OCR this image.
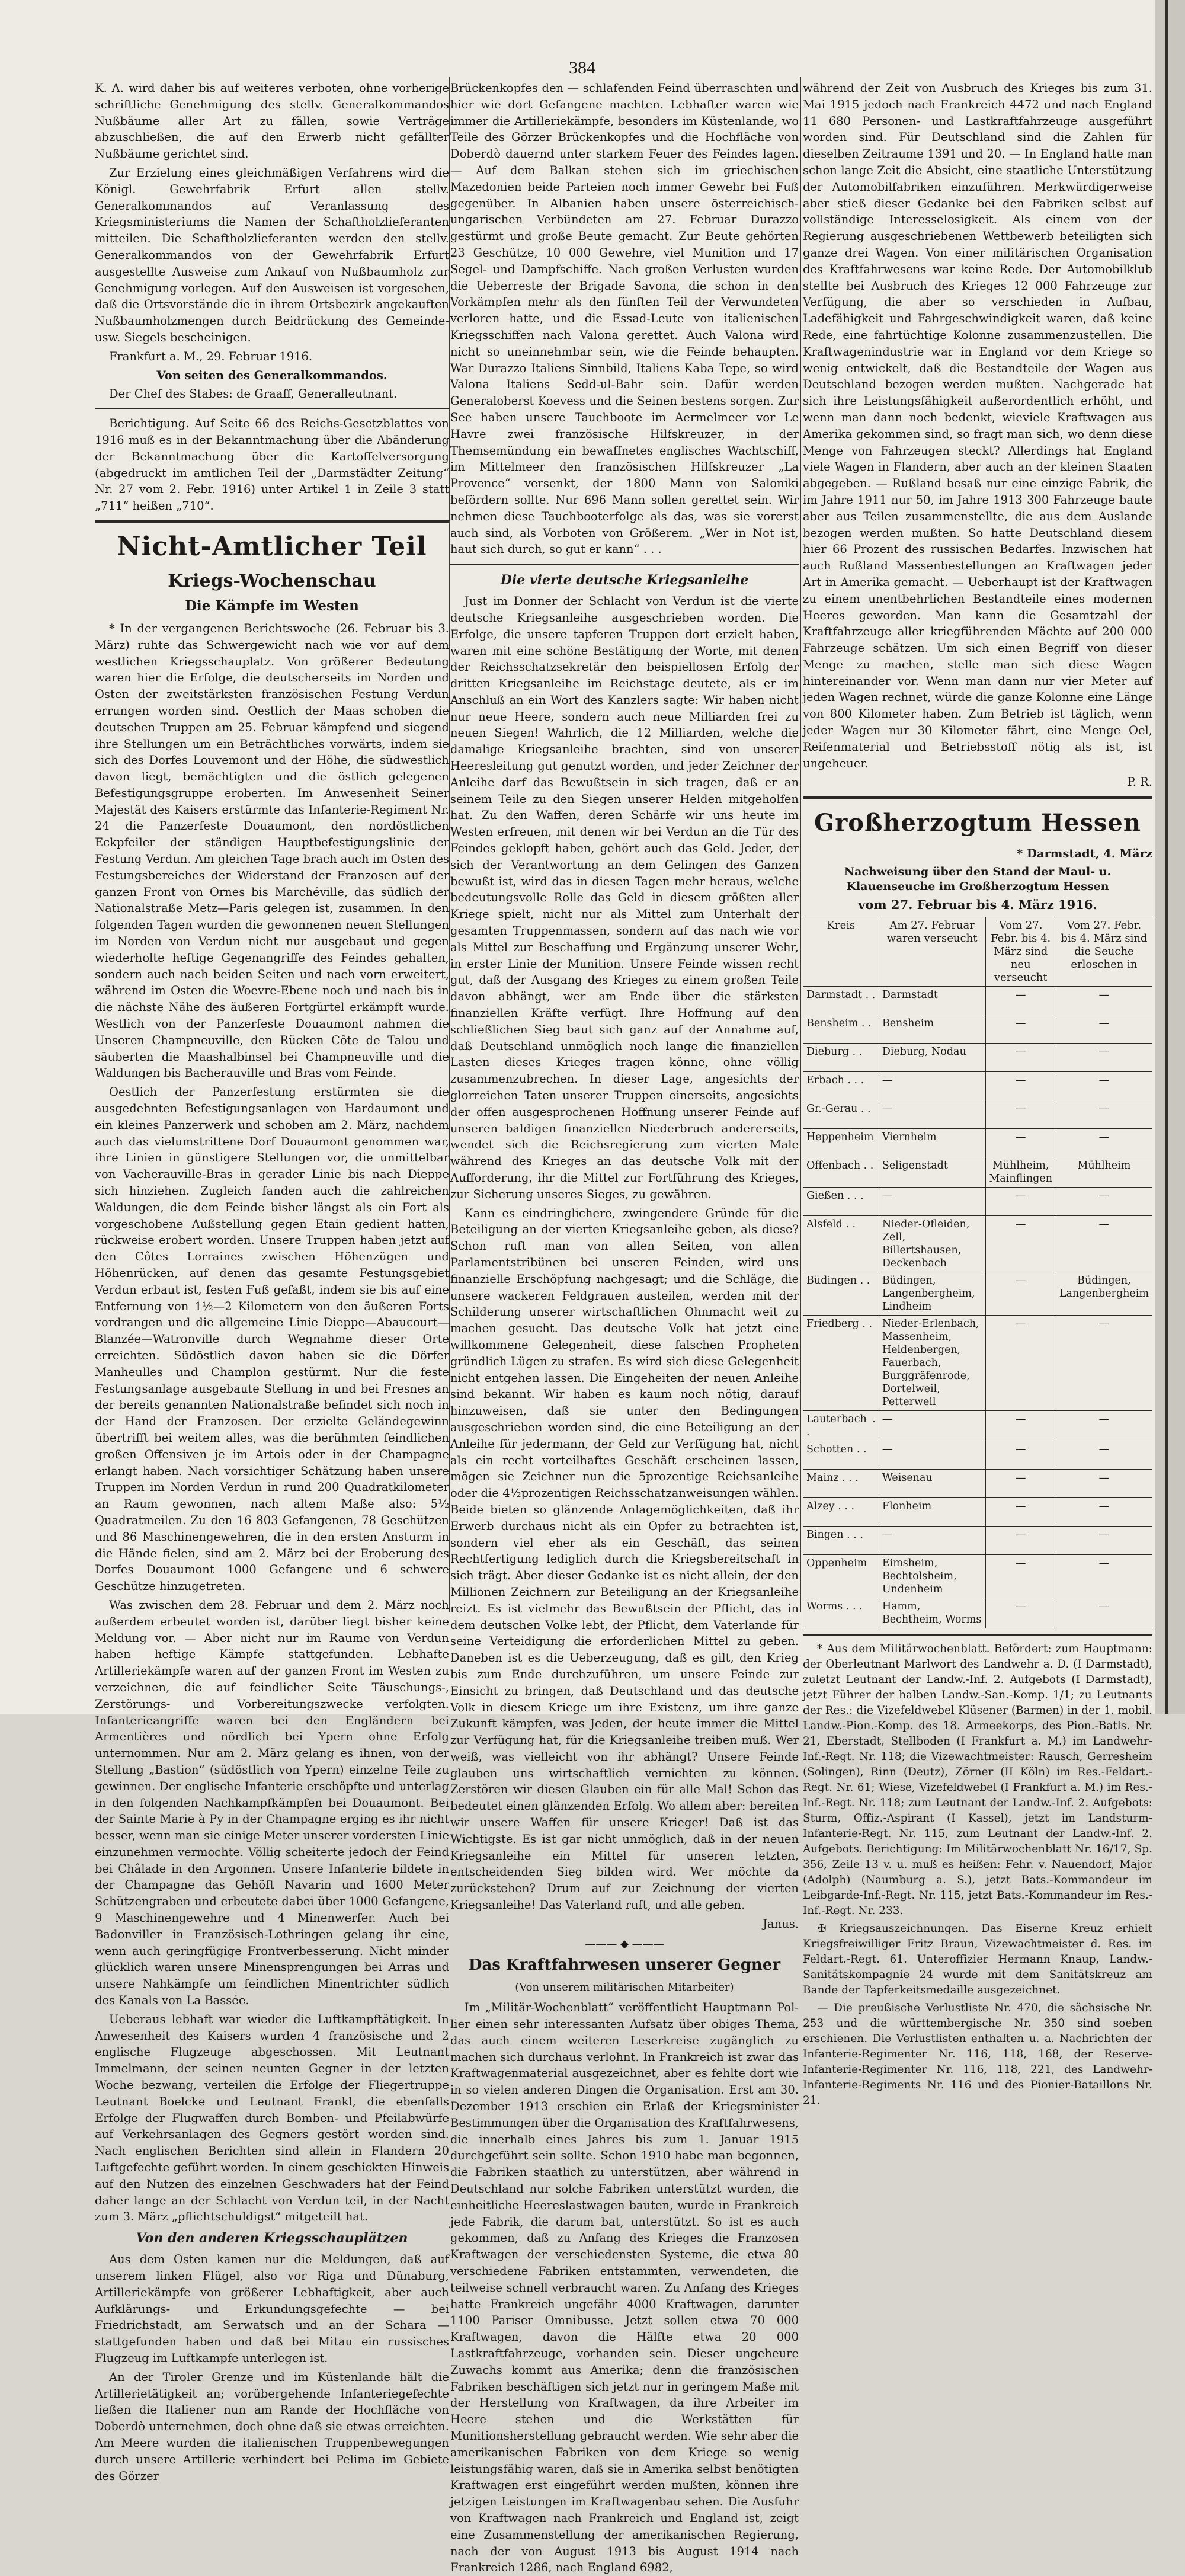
384

K. A. wird daher bis auf weiteres verboten, ohne vorherige schriftliche Genehmigung des stellv. Generalkommandos Nußbäume aller Art zu fällen, sowie Verträge abzuschließen, die auf den Erwerb nicht gefällter Nußbäume gerichtet sind.

Zur Erzielung eines gleichmäßigen Verfahrens wird die Königl. Gewehrfabrik Erfurt allen stellv. Generalkommandos auf Veranlassung des Kriegsministeriums die Namen der Schaftholzlieferanten mitteilen. Die Schaftholzlieferanten werden den stellv. Generalkommandos von der Gewehrfabrik Erfurt ausgestellte Ausweise zum Ankauf von Nußbaumholz zur Genehmigung vorlegen. Auf den Ausweisen ist vorgesehen, daß die Ortsvorstände die in ihrem Ortsbezirk angekauften Nußbaumholzmengen durch Beidrückung des Gemeinde- usw. Siegels bescheinigen.

Frankfurt a. M., 29. Februar 1916.

Von seiten des Generalkommandos.

Der Chef des Stabes: de Graaff, Generalleutnant.

Berichtigung. Auf Seite 66 des Reichs-Gesetzblattes von 1916 muß es in der Bekanntmachung über die Abänderung der Bekanntmachung über die Kartoffelversorgung (abgedruckt im amtlichen Teil der „Darmstädter Zeitung“ Nr. 27 vom 2. Febr. 1916) unter Artikel 1 in Zeile 3 statt „711“ heißen „710“.

Nicht-Amtlicher Teil
Kriegs-Wochenschau
Die Kämpfe im Westen

* In der vergangenen Berichtswoche (26. Februar bis 3. März) ruhte das Schwergewicht nach wie vor auf dem westlichen Kriegsschauplatz. Von größerer Bedeutung waren hier die Erfolge, die deutscherseits im Norden und Osten der zweitstärksten französischen Festung Verdun errungen worden sind. Oestlich der Maas schoben die deutschen Truppen am 25. Februar kämpfend und siegend ihre Stellungen um ein Beträchtliches vorwärts, indem sie sich des Dorfes Louvemont und der Höhe, die südwestlich davon liegt, bemächtigten und die östlich gelegenen Befestigungsgruppe eroberten. Im Anwesenheit Seiner Majestät des Kaisers erstürmte das Infanterie-Regiment Nr. 24 die Panzerfeste Douaumont, den nordöstlichen Eckpfeiler der ständigen Hauptbefestigungslinie der Festung Verdun. Am gleichen Tage brach auch im Osten des Festungsbereiches der Widerstand der Franzosen auf der ganzen Front von Ornes bis Marchéville, das südlich der Nationalstraße Metz—Paris gelegen ist, zusammen. In den folgenden Tagen wurden die gewonnenen neuen Stellungen im Norden von Verdun nicht nur ausgebaut und gegen wiederholte heftige Gegenangriffe des Feindes gehalten, sondern auch nach beiden Seiten und nach vorn erweitert, während im Osten die Woevre-Ebene noch und nach bis in die nächste Nähe des äußeren Fortgürtel erkämpft wurde. Westlich von der Panzerfeste Douaumont nahmen die Unseren Champneuville, den Rücken Côte de Talou und säuberten die Maashalbinsel bei Champneuville und die Waldungen bis Bacherauville und Bras vom Feinde.

Oestlich der Panzerfestung erstürmten sie die ausgedehnten Befestigungsanlagen von Hardaumont und ein kleines Panzerwerk und schoben am 2. März, nachdem auch das vielumstrittene Dorf Douaumont genommen war, ihre Linien in günstigere Stellungen vor, die unmittelbar von Vacherauville-Bras in gerader Linie bis nach Dieppe sich hinziehen. Zugleich fanden auch die zahlreichen Waldungen, die dem Feinde bisher längst als ein Fort als vorgeschobene Außstellung gegen Etain gedient hatten, rückweise erobert worden. Unsere Truppen haben jetzt auf den Côtes Lorraines zwischen Höhenzügen und Höhenrücken, auf denen das gesamte Festungsgebiet Verdun erbaut ist, festen Fuß gefaßt, indem sie bis auf eine Entfernung von 1½—2 Kilometern von den äußeren Forts vordrangen und die allgemeine Linie Dieppe—Abaucourt—Blanzée—Watronville durch Wegnahme dieser Orte erreichten. Südöstlich davon haben sie die Dörfer Manheulles und Champlon gestürmt. Nur die feste Festungsanlage ausgebaute Stellung in und bei Fresnes an der bereits genannten Nationalstraße befindet sich noch in der Hand der Franzosen. Der erzielte Geländegewinn übertrifft bei weitem alles, was die berühmten feindlichen großen Offensiven je im Artois oder in der Champagne erlangt haben. Nach vorsichtiger Schätzung haben unsere Truppen im Norden Verdun in rund 200 Quadratkilometer an Raum gewonnen, nach altem Maße also: 5½ Quadratmeilen. Zu den 16 803 Gefangenen, 78 Geschützen und 86 Maschinengewehren, die in den ersten Ansturm in die Hände fielen, sind am 2. März bei der Eroberung des Dorfes Douaumont 1000 Gefangene und 6 schwere Geschütze hinzugetreten.

Was zwischen dem 28. Februar und dem 2. März noch außerdem erbeutet worden ist, darüber liegt bisher keine Meldung vor. — Aber nicht nur im Raume von Verdun haben heftige Kämpfe stattgefunden. Lebhafte Artilleriekämpfe waren auf der ganzen Front im Westen zu verzeichnen, die auf feindlicher Seite Täuschungs-, Zerstörungs- und Vorbereitungszwecke verfolgten. Infanterieangriffe waren bei den Engländern bei Armentières und nördlich bei Ypern ohne Erfolg unternommen. Nur am 2. März gelang es ihnen, von der Stellung „Bastion“ (südöstlich von Ypern) einzelne Teile zu gewinnen. Der englische Infanterie erschöpfte und unterlag in den folgenden Nachkampfkämpfen bei Douaumont. Bei der Sainte Marie à Py in der Champagne erging es ihr nicht besser, wenn man sie einige Meter unserer vordersten Linie einzunehmen vermochte. Völlig scheiterte jedoch der Feind bei Châlade in den Argonnen. Unsere Infanterie bildete in der Champagne das Gehöft Navarin und 1600 Meter Schützengraben und erbeutete dabei über 1000 Gefangene, 9 Maschinengewehre und 4 Minenwerfer. Auch bei Badonviller in Französisch-Lothringen gelang ihr eine, wenn auch geringfügige Frontverbesserung. Nicht minder glücklich waren unsere Minensprengungen bei Arras und unsere Nahkämpfe um feindlichen Minentrichter südlich des Kanals von La Bassée.

Ueberaus lebhaft war wieder die Luftkampftätigkeit. In Anwesenheit des Kaisers wurden 4 französische und 2 englische Flugzeuge abgeschossen. Mit Leutnant Immelmann, der seinen neunten Gegner in der letzten Woche bezwang, verteilen die Erfolge der Fliegertruppe Leutnant Boelcke und Leutnant Frankl, die ebenfalls Erfolge der Flugwaffen durch Bomben- und Pfeilabwürfe auf Verkehrsanlagen des Gegners gestört worden sind. Nach englischen Berichten sind allein in Flandern 20 Luftgefechte geführt worden. In einem geschickten Hinweis auf den Nutzen des einzelnen Geschwaders hat der Feind daher lange an der Schlacht von Verdun teil, in der Nacht zum 3. März „pflichtschuldigst“ mitgeteilt hat.

Von den anderen Kriegsschauplätzen

Aus dem Osten kamen nur die Meldungen, daß auf unserem linken Flügel, also vor Riga und Dünaburg, Artilleriekämpfe von größerer Lebhaftigkeit, aber auch Aufklärungs- und Erkundungsgefechte — bei Friedrichstadt, am Serwatsch und an der Schara — stattgefunden haben und daß bei Mitau ein russisches Flugzeug im Luftkampfe unterlegen ist.

An der Tiroler Grenze und im Küstenlande hält die Artillerietätigkeit an; vorübergehende Infanteriegefechte ließen die Italiener nun am Rande der Hochfläche von Doberdò unternehmen, doch ohne daß sie etwas erreichten. Am Meere wurden die italienischen Truppenbewegungen durch unsere Artillerie verhindert bei Pelima im Gebiete des Görzer

Brückenkopfes den — schlafenden Feind überraschten und hier wie dort Gefangene machten. Lebhafter waren wie immer die Artilleriekämpfe, besonders im Küstenlande, wo Teile des Görzer Brückenkopfes und die Hochfläche von Doberdò dauernd unter starkem Feuer des Feindes lagen. — Auf dem Balkan stehen sich im griechischen Mazedonien beide Parteien noch immer Gewehr bei Fuß gegenüber. In Albanien haben unsere österreichisch-ungarischen Verbündeten am 27. Februar Durazzo gestürmt und große Beute gemacht. Zur Beute gehörten 23 Geschütze, 10 000 Gewehre, viel Munition und 17 Segel- und Dampfschiffe. Nach großen Verlusten wurden die Ueberreste der Brigade Savona, die schon in den Vorkämpfen mehr als den fünften Teil der Verwundeten verloren hatte, und die Essad-Leute von italienischen Kriegsschiffen nach Valona gerettet. Auch Valona wird nicht so uneinnehmbar sein, wie die Feinde behaupten. War Durazzo Italiens Sinnbild, Italiens Kaba Tepe, so wird Valona Italiens Sedd-ul-Bahr sein. Dafür werden Generaloberst Koevess und die Seinen bestens sorgen. Zur See haben unsere Tauchboote im Aermelmeer vor Le Havre zwei französische Hilfskreuzer, in der Themsemündung ein bewaffnetes englisches Wachtschiff, im Mittelmeer den französischen Hilfskreuzer „La Provence“ versenkt, der 1800 Mann von Saloniki befördern sollte. Nur 696 Mann sollen gerettet sein. Wir nehmen diese Tauchbooterfolge als das, was sie vorerst auch sind, als Vorboten von Größerem. „Wer in Not ist, haut sich durch, so gut er kann“ . . .

Die vierte deutsche Kriegsanleihe

Just im Donner der Schlacht von Verdun ist die vierte deutsche Kriegsanleihe ausgeschrieben worden. Die Erfolge, die unsere tapferen Truppen dort erzielt haben, waren mit eine schöne Bestätigung der Worte, mit denen der Reichsschatzsekretär den beispiellosen Erfolg der dritten Kriegsanleihe im Reichstage deutete, als er im Anschluß an ein Wort des Kanzlers sagte: Wir haben nicht nur neue Heere, sondern auch neue Milliarden frei zu neuen Siegen! Wahrlich, die 12 Milliarden, welche die damalige Kriegsanleihe brachten, sind von unserer Heeresleitung gut genutzt worden, und jeder Zeichner der Anleihe darf das Bewußtsein in sich tragen, daß er an seinem Teile zu den Siegen unserer Helden mitgeholfen hat. Zu den Waffen, deren Schärfe wir uns heute im Westen erfreuen, mit denen wir bei Verdun an die Tür des Feindes geklopft haben, gehört auch das Geld. Jeder, der sich der Verantwortung an dem Gelingen des Ganzen bewußt ist, wird das in diesen Tagen mehr heraus, welche bedeutungsvolle Rolle das Geld in diesem größten aller Kriege spielt, nicht nur als Mittel zum Unterhalt der gesamten Truppenmassen, sondern auf das nach wie vor als Mittel zur Beschaffung und Ergänzung unserer Wehr, in erster Linie der Munition. Unsere Feinde wissen recht gut, daß der Ausgang des Krieges zu einem großen Teile davon abhängt, wer am Ende über die stärksten finanziellen Kräfte verfügt. Ihre Hoffnung auf den schließlichen Sieg baut sich ganz auf der Annahme auf, daß Deutschland unmöglich noch lange die finanziellen Lasten dieses Krieges tragen könne, ohne völlig zusammenzubrechen. In dieser Lage, angesichts der glorreichen Taten unserer Truppen einerseits, angesichts der offen ausgesprochenen Hoffnung unserer Feinde auf unseren baldigen finanziellen Niederbruch andererseits, wendet sich die Reichsregierung zum vierten Male während des Krieges an das deutsche Volk mit der Aufforderung, ihr die Mittel zur Fortführung des Krieges, zur Sicherung unseres Sieges, zu gewähren.

Kann es eindringlichere, zwingendere Gründe für die Beteiligung an der vierten Kriegsanleihe geben, als diese? Schon ruft man von allen Seiten, von allen Parlamentstribünen bei unseren Feinden, wird uns finanzielle Erschöpfung nachgesagt; und die Schläge, die unsere wackeren Feldgrauen austeilen, werden mit der Schilderung unserer wirtschaftlichen Ohnmacht weit zu machen gesucht. Das deutsche Volk hat jetzt eine willkommene Gelegenheit, diese falschen Propheten gründlich Lügen zu strafen. Es wird sich diese Gelegenheit nicht entgehen lassen. Die Eingeheiten der neuen Anleihe sind bekannt. Wir haben es kaum noch nötig, darauf hinzuweisen, daß sie unter den Bedingungen ausgeschrieben worden sind, die eine Beteiligung an der Anleihe für jedermann, der Geld zur Verfügung hat, nicht als ein recht vorteilhaftes Geschäft erscheinen lassen, mögen sie Zeichner nun die 5prozentige Reichsanleihe oder die 4½prozentigen Reichsschatzanweisungen wählen. Beide bieten so glänzende Anlagemöglichkeiten, daß ihr Erwerb durchaus nicht als ein Opfer zu betrachten ist, sondern viel eher als ein Geschäft, das seinen Rechtfertigung lediglich durch die Kriegsbereitschaft in sich trägt. Aber dieser Gedanke ist es nicht allein, der den Millionen Zeichnern zur Beteiligung an der Kriegsanleihe reizt. Es ist vielmehr das Bewußtsein der Pflicht, das in dem deutschen Volke lebt, der Pflicht, dem Vaterlande für seine Verteidigung die erforderlichen Mittel zu geben. Daneben ist es die Ueberzeugung, daß es gilt, den Krieg bis zum Ende durchzuführen, um unsere Feinde zur Einsicht zu bringen, daß Deutschland und das deutsche Volk in diesem Kriege um ihre Existenz, um ihre ganze Zukunft kämpfen, was Jeden, der heute immer die Mittel zur Verfügung hat, für die Kriegsanleihe treiben muß. Wer weiß, was vielleicht von ihr abhängt? Unsere Feinde glauben uns wirtschaftlich vernichten zu können. Zerstören wir diesen Glauben ein für alle Mal! Schon das bedeutet einen glänzenden Erfolg. Wo allem aber: bereiten wir unsere Waffen für unsere Krieger! Daß ist das Wichtigste. Es ist gar nicht unmöglich, daß in der neuen Kriegsanleihe ein Mittel für unseren letzten, entscheidenden Sieg bilden wird. Wer möchte da zurückstehen? Drum auf zur Zeichnung der vierten Kriegsanleihe! Das Vaterland ruft, und alle geben.

Janus.

——— ◆ ———
Das Kraftfahrwesen unserer Gegner
(Von unserem militärischen Mitarbeiter)

Im „Militär-Wochenblatt“ veröffentlicht Hauptmann Pol-lier einen sehr interessanten Aufsatz über obiges Thema, das auch einem weiteren Leserkreise zugänglich zu machen sich durchaus verlohnt. In Frankreich ist zwar das Kraftwagenmaterial ausgezeichnet, aber es fehlte dort wie in so vielen anderen Dingen die Organisation. Erst am 30. Dezember 1913 erschien ein Erlaß der Kriegsminister Bestimmungen über die Organisation des Kraftfahrwesens, die innerhalb eines Jahres bis zum 1. Januar 1915 durchgeführt sein sollte. Schon 1910 habe man begonnen, die Fabriken staatlich zu unterstützen, aber während in Deutschland nur solche Fabriken unterstützt wurden, die einheitliche Heereslastwagen bauten, wurde in Frankreich jede Fabrik, die darum bat, unterstützt. So ist es auch gekommen, daß zu Anfang des Krieges die Franzosen Kraftwagen der verschiedensten Systeme, die etwa 80 verschiedene Fabriken entstammten, verwendeten, die teilweise schnell verbraucht waren. Zu Anfang des Krieges hatte Frankreich ungefähr 4000 Kraftwagen, darunter 1100 Pariser Omnibusse. Jetzt sollen etwa 70 000 Kraftwagen, davon die Hälfte etwa 20 000 Lastkraftfahrzeuge, vorhanden sein. Dieser ungeheure Zuwachs kommt aus Amerika; denn die französischen Fabriken beschäftigen sich jetzt nur in geringem Maße mit der Herstellung von Kraftwagen, da ihre Arbeiter im Heere stehen und die Werkstätten für Munitionsherstellung gebraucht werden. Wie sehr aber die amerikanischen Fabriken von dem Kriege so wenig leistungsfähig waren, daß sie in Amerika selbst benötigten Kraftwagen erst eingeführt werden mußten, können ihre jetzigen Leistungen im Kraftwagenbau sehen. Die Ausfuhr von Kraftwagen nach Frankreich und England ist, zeigt eine Zusammenstellung der amerikanischen Regierung, nach der von August 1913 bis August 1914 nach Frankreich 1286, nach England 6982,

während der Zeit von Ausbruch des Krieges bis zum 31. Mai 1915 jedoch nach Frankreich 4472 und nach England 11 680 Personen- und Lastkraftfahrzeuge ausgeführt worden sind. Für Deutschland sind die Zahlen für dieselben Zeitraume 1391 und 20. — In England hatte man schon lange Zeit die Absicht, eine staatliche Unterstützung der Automobilfabriken einzuführen. Merkwürdigerweise aber stieß dieser Gedanke bei den Fabriken selbst auf vollständige Interesselosigkeit. Als einem von der Regierung ausgeschriebenen Wettbewerb beteiligten sich ganze drei Wagen. Von einer militärischen Organisation des Kraftfahrwesens war keine Rede. Der Automobilklub stellte bei Ausbruch des Krieges 12 000 Fahrzeuge zur Verfügung, die aber so verschieden in Aufbau, Ladefähigkeit und Fahrgeschwindigkeit waren, daß keine Rede, eine fahrtüchtige Kolonne zusammenzustellen. Die Kraftwagenindustrie war in England vor dem Kriege so wenig entwickelt, daß die Bestandteile der Wagen aus Deutschland bezogen werden mußten. Nachgerade hat sich ihre Leistungsfähigkeit außerordentlich erhöht, und wenn man dann noch bedenkt, wieviele Kraftwagen aus Amerika gekommen sind, so fragt man sich, wo denn diese Menge von Fahrzeugen steckt? Allerdings hat England viele Wagen in Flandern, aber auch an der kleinen Staaten abgegeben. — Rußland besaß nur eine einzige Fabrik, die im Jahre 1911 nur 50, im Jahre 1913 300 Fahrzeuge baute aber aus Teilen zusammenstellte, die aus dem Auslande bezogen werden mußten. So hatte Deutschland diesem hier 66 Prozent des russischen Bedarfes. Inzwischen hat auch Rußland Massenbestellungen an Kraftwagen jeder Art in Amerika gemacht. — Ueberhaupt ist der Kraftwagen zu einem unentbehrlichen Bestandteile eines modernen Heeres geworden. Man kann die Gesamtzahl der Kraftfahrzeuge aller kriegführenden Mächte auf 200 000 Fahrzeuge schätzen. Um sich einen Begriff von dieser Menge zu machen, stelle man sich diese Wagen hintereinander vor. Wenn man dann nur vier Meter auf jeden Wagen rechnet, würde die ganze Kolonne eine Länge von 800 Kilometer haben. Zum Betrieb ist täglich, wenn jeder Wagen nur 30 Kilometer fährt, eine Menge Oel, Reifenmaterial und Betriebsstoff nötig als ist, ist ungeheuer.

P. R.

Großherzogtum Hessen

* Darmstadt, 4. März

Nachweisung über den Stand der Maul- u. Klauenseuche im Großherzogtum Hessen

vom 27. Februar bis 4. März 1916.

Kreis	Am 27. Februar waren verseucht	Vom 27. Febr. bis 4. März sind neu verseucht	Vom 27. Febr. bis 4. März sind die Seuche erloschen in
Darmstadt . .	Darmstadt	—	—
Bensheim . .	Bensheim	—	—
Dieburg . .	Dieburg, Nodau	—	—
Erbach . . .	—	—	—
Gr.-Gerau . .	—	—	—
Heppenheim	Viernheim	—	—
Offenbach . .	Seligenstadt	Mühlheim, Mainflingen	Mühlheim
Gießen . . .	—	—	—
Alsfeld . .	Nieder-Ofleiden, Zell, Billertshausen, Deckenbach	—	—
Büdingen . .	Büdingen, Langenbergheim, Lindheim	—	Büdingen, Langenbergheim
Friedberg . .	Nieder-Erlenbach, Massenheim, Heldenbergen, Fauerbach, Burggräfenrode, Dortelweil, Petterweil	—	—
Lauterbach . .	—	—	—
Schotten . .	—	—	—
Mainz . . .	Weisenau	—	—
Alzey . . .	Flonheim	—	—
Bingen . . .	—	—	—
Oppenheim	Eimsheim, Bechtolsheim, Undenheim	—	—
Worms . . .	Hamm, Bechtheim, Worms	—	—

* Aus dem Militärwochenblatt. Befördert: zum Hauptmann: der Oberleutnant Marlwort des Landwehr a. D. (I Darmstadt), zuletzt Leutnant der Landw.-Inf. 2. Aufgebots (I Darmstadt), jetzt Führer der halben Landw.-San.-Komp. 1/1; zu Leutnants der Res.: die Vizefeldwebel Klüsener (Barmen) in der 1. mobil. Landw.-Pion.-Komp. des 18. Armeekorps, des Pion.-Batls. Nr. 21, Eberstadt, Stellboden (I Frankfurt a. M.) im Landwehr-Inf.-Regt. Nr. 118; die Vizewachtmeister: Rausch, Gerresheim (Solingen), Rinn (Deutz), Zörner (II Köln) im Res.-Feldart.-Regt. Nr. 61; Wiese, Vizefeldwebel (I Frankfurt a. M.) im Res.-Inf.-Regt. Nr. 118; zum Leutnant der Landw.-Inf. 2. Aufgebots: Sturm, Offiz.-Aspirant (I Kassel), jetzt im Landsturm-Infanterie-Regt. Nr. 115, zum Leutnant der Landw.-Inf. 2. Aufgebots. Berichtigung: Im Militärwochenblatt Nr. 16/17, Sp. 356, Zeile 13 v. u. muß es heißen: Fehr. v. Nauendorf, Major (Adolph) (Naumburg a. S.), jetzt Bats.-Kommandeur im Leibgarde-Inf.-Regt. Nr. 115, jetzt Bats.-Kommandeur im Res.-Inf.-Regt. Nr. 233.

✠ Kriegsauszeichnungen. Das Eiserne Kreuz erhielt Kriegsfreiwilliger Fritz Braun, Vizewachtmeister d. Res. im Feldart.-Regt. 61. Unteroffizier Hermann Knaup, Landw.-Sanitätskompagnie 24 wurde mit dem Sanitätskreuz am Bande der Tapferkeitsmedaille ausgezeichnet.

— Die preußische Verlustliste Nr. 470, die sächsische Nr. 253 und die württembergische Nr. 350 sind soeben erschienen. Die Verlustlisten enthalten u. a. Nachrichten der Infanterie-Regimenter Nr. 116, 118, 168, der Reserve-Infanterie-Regimenter Nr. 116, 118, 221, des Landwehr-Infanterie-Regiments Nr. 116 und des Pionier-Bataillons Nr. 21.
